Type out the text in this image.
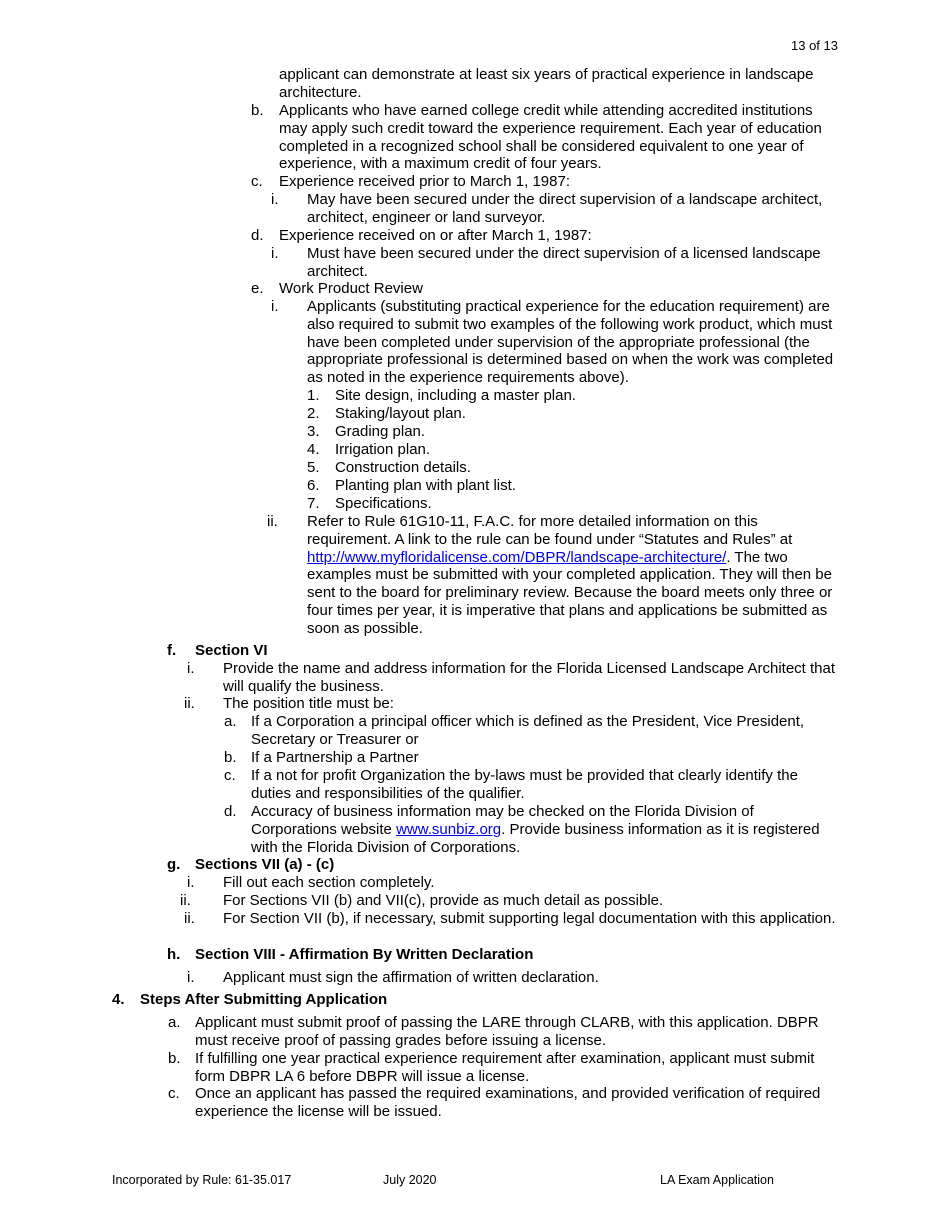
13 of 13
applicant can demonstrate at least six years of practical experience in landscape architecture.
b. Applicants who have earned college credit while attending accredited institutions may apply such credit toward the experience requirement. Each year of education completed in a recognized school shall be considered equivalent to one year of experience, with a maximum credit of four years.
c. Experience received prior to March 1, 1987:
i. May have been secured under the direct supervision of a landscape architect, architect, engineer or land surveyor.
d. Experience received on or after March 1, 1987:
i. Must have been secured under the direct supervision of a licensed landscape architect.
e. Work Product Review
i. Applicants (substituting practical experience for the education requirement) are also required to submit two examples of the following work product, which must have been completed under supervision of the appropriate professional (the appropriate professional is determined based on when the work was completed as noted in the experience requirements above).
1. Site design, including a master plan.
2. Staking/layout plan.
3. Grading plan.
4. Irrigation plan.
5. Construction details.
6. Planting plan with plant list.
7. Specifications.
ii. Refer to Rule 61G10-11, F.A.C. for more detailed information on this requirement. A link to the rule can be found under “Statutes and Rules” at http://www.myfloridalicense.com/DBPR/landscape-architecture/. The two examples must be submitted with your completed application. They will then be sent to the board for preliminary review. Because the board meets only three or four times per year, it is imperative that plans and applications be submitted as soon as possible.
f. Section VI
i. Provide the name and address information for the Florida Licensed Landscape Architect that will qualify the business.
ii. The position title must be:
a. If a Corporation a principal officer which is defined as the President, Vice President, Secretary or Treasurer or
b. If a Partnership a Partner
c. If a not for profit Organization the by-laws must be provided that clearly identify the duties and responsibilities of the qualifier.
d. Accuracy of business information may be checked on the Florida Division of Corporations website www.sunbiz.org. Provide business information as it is registered with the Florida Division of Corporations.
g. Sections VII (a) - (c)
i. Fill out each section completely.
ii. For Sections VII (b) and VII(c), provide as much detail as possible.
ii. For Section VII (b), if necessary, submit supporting legal documentation with this application.
h. Section VIII - Affirmation By Written Declaration
i. Applicant must sign the affirmation of written declaration.
4. Steps After Submitting Application
a. Applicant must submit proof of passing the LARE through CLARB, with this application. DBPR must receive proof of passing grades before issuing a license.
b. If fulfilling one year practical experience requirement after examination, applicant must submit form DBPR LA 6 before DBPR will issue a license.
c. Once an applicant has passed the required examinations, and provided verification of required experience the license will be issued.
Incorporated by Rule: 61-35.017	July 2020	LA Exam Application
